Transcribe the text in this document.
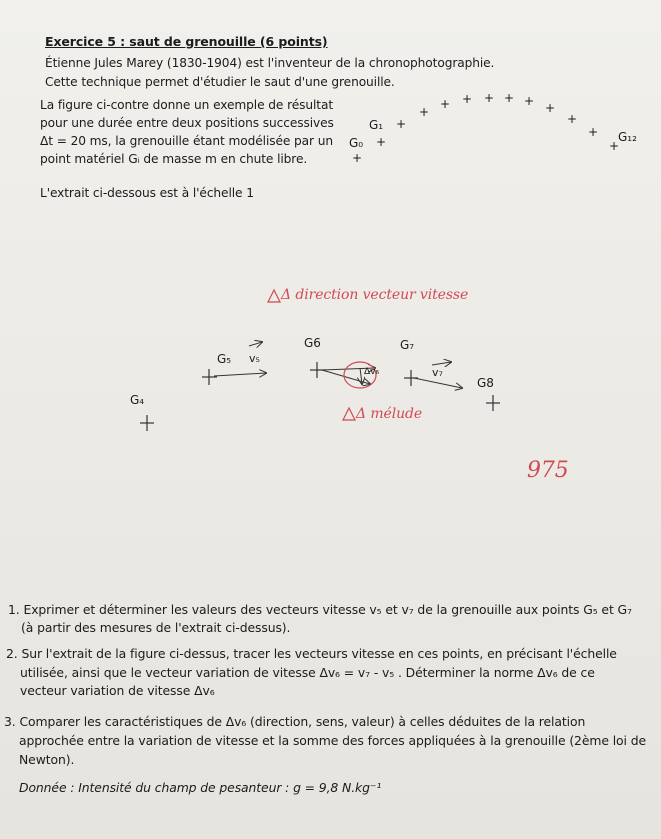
Exercice 5 : saut de grenouille (6 points)
Étienne Jules Marey (1830-1904) est l'inventeur de la chronophotographie.
Cette technique permet d'étudier le saut d'une grenouille.
La figure ci-contre donne un exemple de résultat
pour une durée entre deux positions successives
Δt = 20 ms, la grenouille étant modélisée par un
point matériel Gᵢ de masse m en chute libre.
G₀
G₁
G₁₂
+
+
+
+
+ + + + + +
+
+
+
L'extrait ci-dessous est à l'échelle 1
G₄
G₅
G6	G₇
G8
v₅
v₇
Δv₆
Δ direction vecteur vitesse
Δ mélude
975
1. Exprimer et déterminer les valeurs des vecteurs vitesse v₅ et v₇ de la grenouille aux points G₅ et G₇
(à partir des mesures de l'extrait ci-dessus).
2. Sur l'extrait de la figure ci-dessus, tracer les vecteurs vitesse en ces points, en précisant l'échelle
utilisée, ainsi que le vecteur variation de vitesse Δv₆ = v₇ - v₅ . Déterminer la norme Δv₆ de ce
vecteur variation de vitesse Δv₆
3. Comparer les caractéristiques de Δv₆ (direction, sens, valeur) à celles déduites de la relation
approchée entre la variation de vitesse et la somme des forces appliquées à la grenouille (2ème loi de
Newton).
Donnée : Intensité du champ de pesanteur : g = 9,8 N.kg⁻¹
